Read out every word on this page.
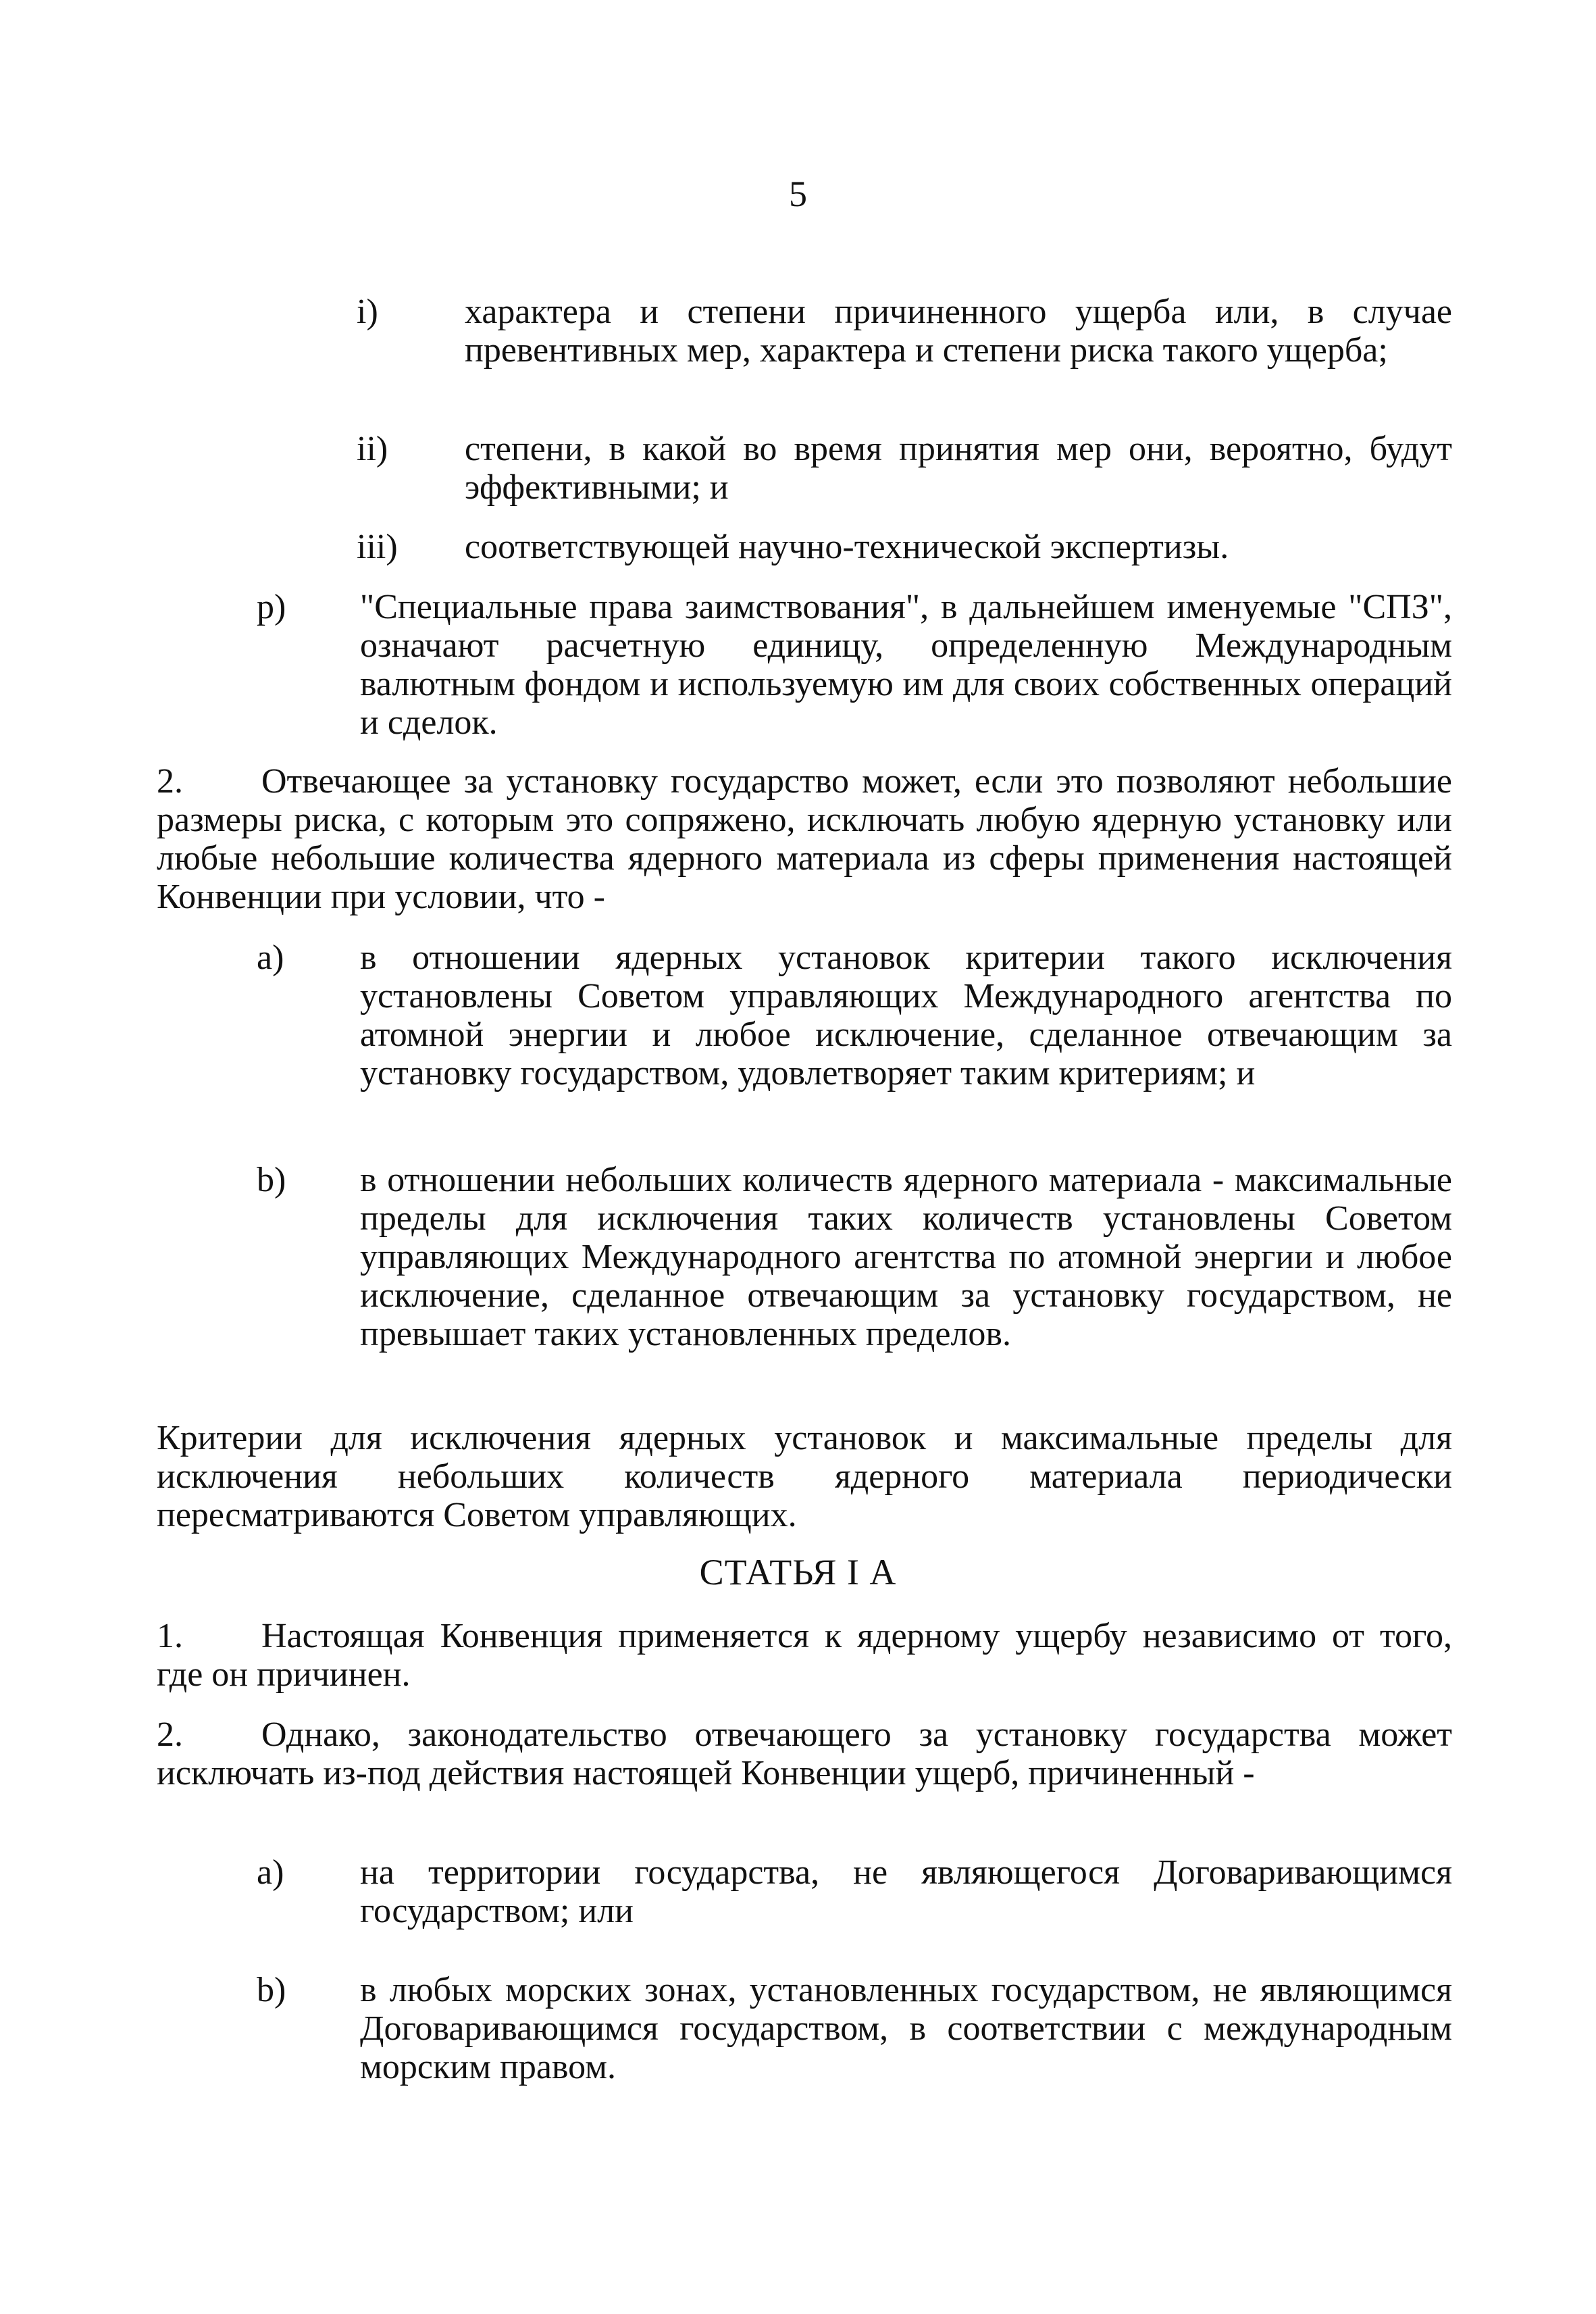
5
i) характера и степени причиненного ущерба или, в случае превентивных мер, характера и степени риска такого ущерба;
ii) степени, в какой во время принятия мер они, вероятно, будут эффективными; и
iii) соответствующей научно-технической экспертизы.
p) "Специальные права заимствования", в дальнейшем именуемые "СПЗ", означают расчетную единицу, определенную Международным валютным фондом и используемую им для своих собственных операций и сделок.
2. Отвечающее за установку государство может, если это позволяют небольшие размеры риска, с которым это сопряжено, исключать любую ядерную установку или любые небольшие количества ядерного материала из сферы применения настоящей Конвенции при условии, что -
a) в отношении ядерных установок критерии такого исключения установлены Советом управляющих Международного агентства по атомной энергии и любое исключение, сделанное отвечающим за установку государством, удовлетворяет таким критериям; и
b) в отношении небольших количеств ядерного материала - максимальные пределы для исключения таких количеств установлены Советом управляющих Международного агентства по атомной энергии и любое исключение, сделанное отвечающим за установку государством, не превышает таких установленных пределов.
Критерии для исключения ядерных установок и максимальные пределы для исключения небольших количеств ядерного материала периодически пересматриваются Советом управляющих.
СТАТЬЯ I А
1. Настоящая Конвенция применяется к ядерному ущербу независимо от того, где он причинен.
2. Однако, законодательство отвечающего за установку государства может исключать из-под действия настоящей Конвенции ущерб, причиненный -
a) на территории государства, не являющегося Договаривающимся государством; или
b) в любых морских зонах, установленных государством, не являющимся Договаривающимся государством, в соответствии с международным морским правом.
